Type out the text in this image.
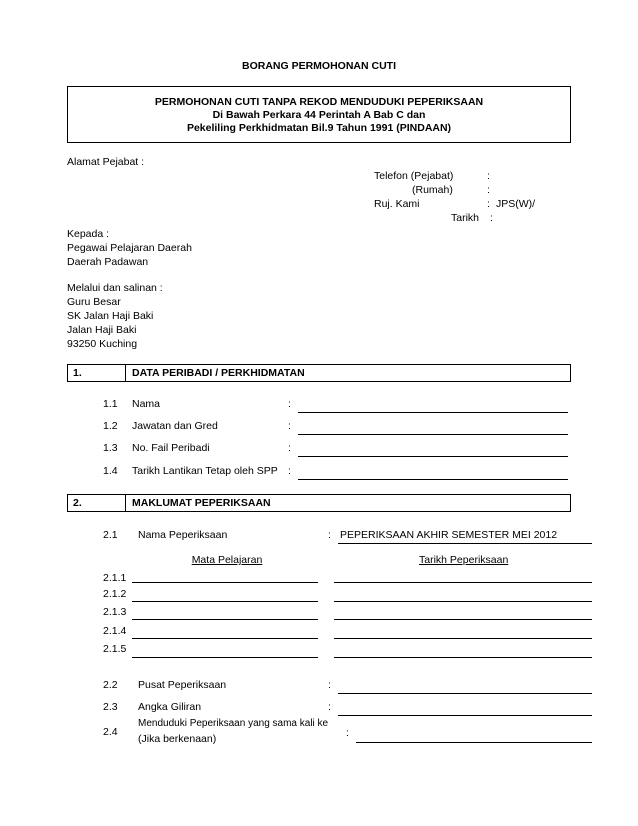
BORANG PERMOHONAN CUTI
PERMOHONAN CUTI TANPA REKOD MENDUDUKI PEPERIKSAAN
Di Bawah Perkara 44 Perintah A Bab C dan
Pekeliling Perkhidmatan Bil.9 Tahun 1991 (PINDAAN)
Alamat Pejabat :
Telefon (Pejabat)	:
(Rumah)	:
Ruj. Kami	: JPS(W)/
Tarikh :
Kepada :
Pegawai Pelajaran Daerah
Daerah Padawan
Melalui dan salinan :
Guru Besar
SK Jalan Haji Baki
Jalan Haji Baki
93250 Kuching
1.	DATA PERIBADI / PERKHIDMATAN
1.1 Nama	:
1.2 Jawatan dan Gred	:
1.3 No. Fail Peribadi	:
1.4 Tarikh Lantikan Tetap oleh SPP :
2.	MAKLUMAT PEPERIKSAAN
2.1 Nama Peperiksaan	: PEPERIKSAAN AKHIR SEMESTER MEI 2012
Mata Pelajaran	Tarikh Peperiksaan
2.1.1
2.1.2
2.1.3
2.1.4
2.1.5
2.2 Pusat Peperiksaan	:
2.3 Angka Giliran	:
2.4
Menduduki Peperiksaan yang sama kali ke
(Jika berkenaan)	:
